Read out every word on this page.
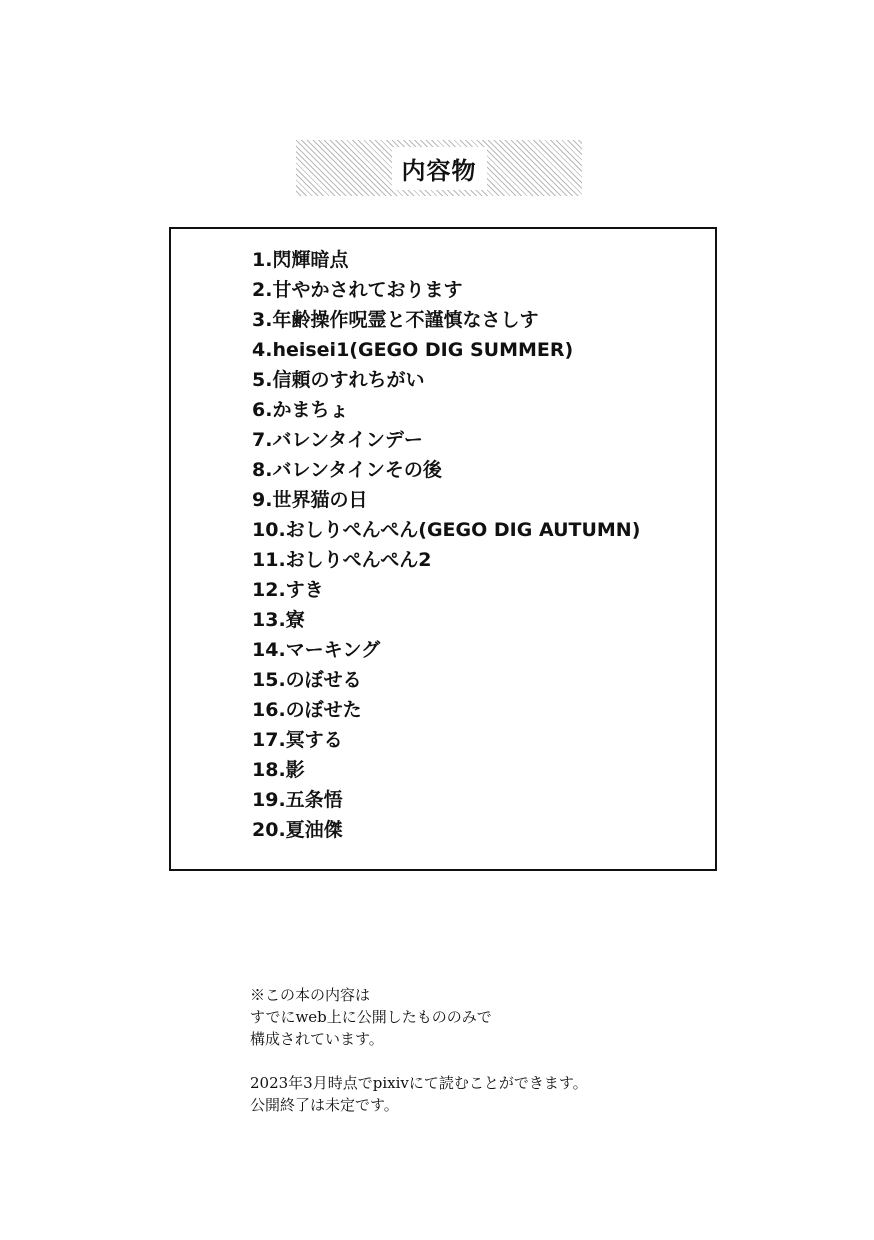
内容物
1.閃輝暗点
2.甘やかされております
3.年齢操作呪霊と不謹慎なさしす
4.heisei1(GEGO DIG SUMMER)
5.信頼のすれちがい
6.かまちょ
7.バレンタインデー
8.バレンタインその後
9.世界猫の日
10.おしりぺんぺん(GEGO DIG AUTUMN)
11.おしりぺんぺん2
12.すき
13.寮
14.マーキング
15.のぼせる
16.のぼせた
17.冥する
18.影
19.五条悟
20.夏油傑

※この本の内容は

すでにweb上に公開したもののみで

構成されています。

2023年3月時点でpixivにて読むことができます。

公開終了は未定です。
